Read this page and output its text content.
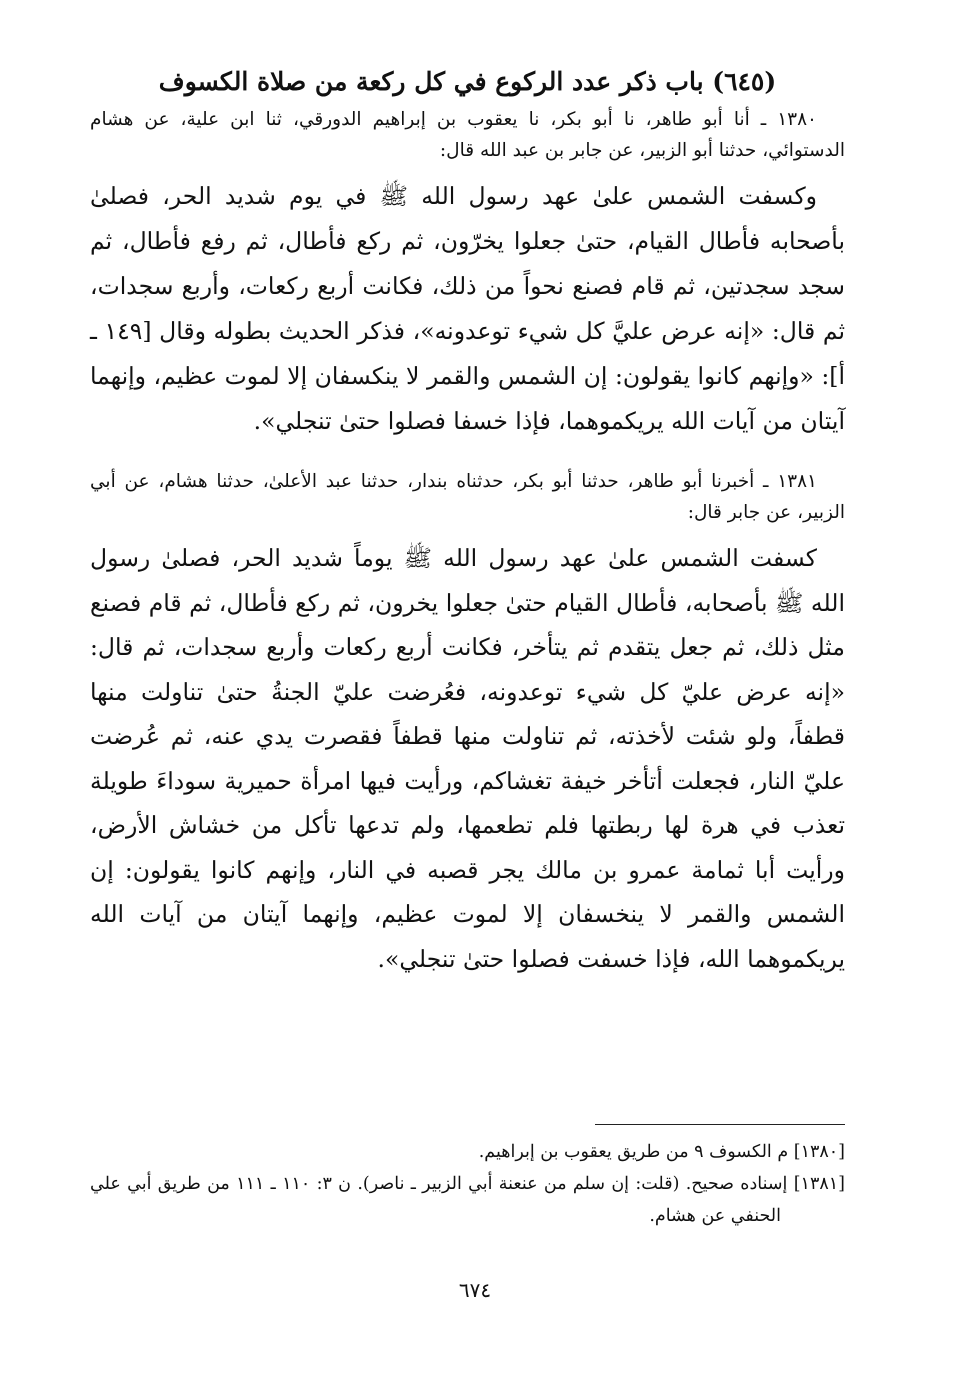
(٦٤٥) باب ذكر عدد الركوع في كل ركعة من صلاة الكسوف

١٣٨٠ ـ أنا أبو طاهر، نا أبو بكر، نا يعقوب بن إبراهيم الدورقي، ثنا ابن علية، عن هشام الدستوائي، حدثنا أبو الزبير، عن جابر بن عبد الله قال:

وكسفت الشمس علىٰ عهد رسول الله ﷺ في يوم شديد الحر، فصلىٰ بأصحابه فأطال القيام، حتىٰ جعلوا يخرّون، ثم ركع فأطال، ثم رفع فأطال، ثم سجد سجدتين، ثم قام فصنع نحواً من ذلك، فكانت أربع ركعات، وأربع سجدات، ثم قال: «إنه عرض عليَّ كل شيء توعدونه»، فذكر الحديث بطوله وقال [١٤٩ ـ أ]: «وإنهم كانوا يقولون: إن الشمس والقمر لا ينكسفان إلا لموت عظيم، وإنهما آيتان من آيات الله يريكموهما، فإذا خسفا فصلوا حتىٰ تنجلي».

١٣٨١ ـ أخبرنا أبو طاهر، حدثنا أبو بكر، حدثناه بندار، حدثنا عبد الأعلىٰ، حدثنا هشام، عن أبي الزبير، عن جابر قال:

كسفت الشمس علىٰ عهد رسول الله ﷺ يوماً شديد الحر، فصلىٰ رسول الله ﷺ بأصحابه، فأطال القيام حتىٰ جعلوا يخرون، ثم ركع فأطال، ثم قام فصنع مثل ذلك، ثم جعل يتقدم ثم يتأخر، فكانت أربع ركعات وأربع سجدات، ثم قال: «إنه عرض عليّ كل شيء توعدونه، فعُرضت عليّ الجنةُ حتىٰ تناولت منها قطفاً، ولو شئت لأخذته، ثم تناولت منها قطفاً فقصرت يدي عنه، ثم عُرضت عليّ النار، فجعلت أتأخر خيفة تغشاكم، ورأيت فيها امرأة حميرية سوداءَ طويلة تعذب في هرة لها ربطتها فلم تطعمها، ولم تدعها تأكل من خشاش الأرض، ورأيت أبا ثمامة عمرو بن مالك يجر قصبه في النار، وإنهم كانوا يقولون: إن الشمس والقمر لا ينخسفان إلا لموت عظيم، وإنهما آيتان من آيات الله يريكموهما الله، فإذا خسفت فصلوا حتىٰ تنجلي».

[١٣٨٠] م الكسوف ٩ من طريق يعقوب بن إبراهيم.

[١٣٨١] إسناده صحيح. (قلت: إن سلم من عنعنة أبي الزبير ـ ناصر). ن ٣: ١١٠ ـ ١١١ من طريق أبي علي الحنفي عن هشام.

٦٧٤
